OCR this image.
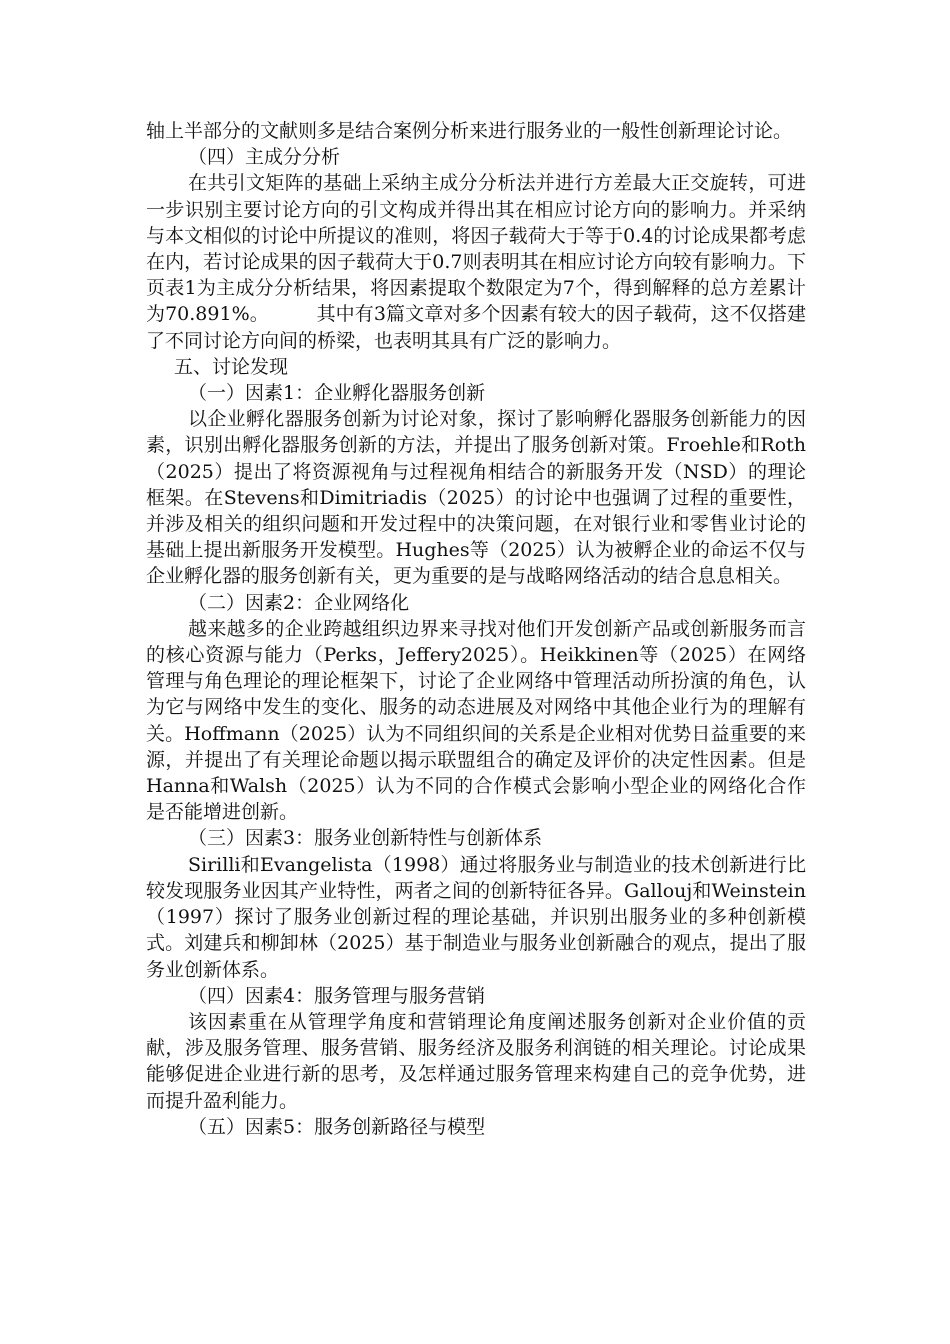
轴上半部分的文献则多是结合案例分析来进行服务业的一般性创新理论讨论。

（四）主成分分析

在共引文矩阵的基础上采纳主成分分析法并进行方差最大正交旋转，可进一步识别主要讨论方向的引文构成并得出其在相应讨论方向的影响力。并采纳与本文相似的讨论中所提议的准则，将因子载荷大于等于0.4的讨论成果都考虑在内，若讨论成果的因子载荷大于0.7则表明其在相应讨论方向较有影响力。下页表1为主成分分析结果，将因素提取个数限定为7个，得到解释的总方差累计为70.891%。　　　其中有3篇文章对多个因素有较大的因子载荷，这不仅搭建了不同讨论方向间的桥梁，也表明其具有广泛的影响力。

五、讨论发现

（一）因素1：企业孵化器服务创新

以企业孵化器服务创新为讨论对象，探讨了影响孵化器服务创新能力的因素，识别出孵化器服务创新的方法，并提出了服务创新对策。Froehle和Roth（2025）提出了将资源视角与过程视角相结合的新服务开发（NSD）的理论框架。在Stevens和Dimitriadis（2025）的讨论中也强调了过程的重要性，并涉及相关的组织问题和开发过程中的决策问题，在对银行业和零售业讨论的基础上提出新服务开发模型。Hughes等（2025）认为被孵企业的命运不仅与企业孵化器的服务创新有关，更为重要的是与战略网络活动的结合息息相关。

（二）因素2：企业网络化

越来越多的企业跨越组织边界来寻找对他们开发创新产品或创新服务而言的核心资源与能力（Perks，Jeffery2025）。Heikkinen等（2025）在网络管理与角色理论的理论框架下，讨论了企业网络中管理活动所扮演的角色，认为它与网络中发生的变化、服务的动态进展及对网络中其他企业行为的理解有关。Hoffmann（2025）认为不同组织间的关系是企业相对优势日益重要的来源，并提出了有关理论命题以揭示联盟组合的确定及评价的决定性因素。但是Hanna和Walsh（2025）认为不同的合作模式会影响小型企业的网络化合作是否能增进创新。

（三）因素3：服务业创新特性与创新体系

Sirilli和Evangelista（1998）通过将服务业与制造业的技术创新进行比较发现服务业因其产业特性，两者之间的创新特征各异。Gallouj和Weinstein（1997）探讨了服务业创新过程的理论基础，并识别出服务业的多种创新模式。刘建兵和柳卸林（2025）基于制造业与服务业创新融合的观点，提出了服务业创新体系。

（四）因素4：服务管理与服务营销

该因素重在从管理学角度和营销理论角度阐述服务创新对企业价值的贡献，涉及服务管理、服务营销、服务经济及服务利润链的相关理论。讨论成果能够促进企业进行新的思考，及怎样通过服务管理来构建自己的竞争优势，进而提升盈利能力。

（五）因素5：服务创新路径与模型
